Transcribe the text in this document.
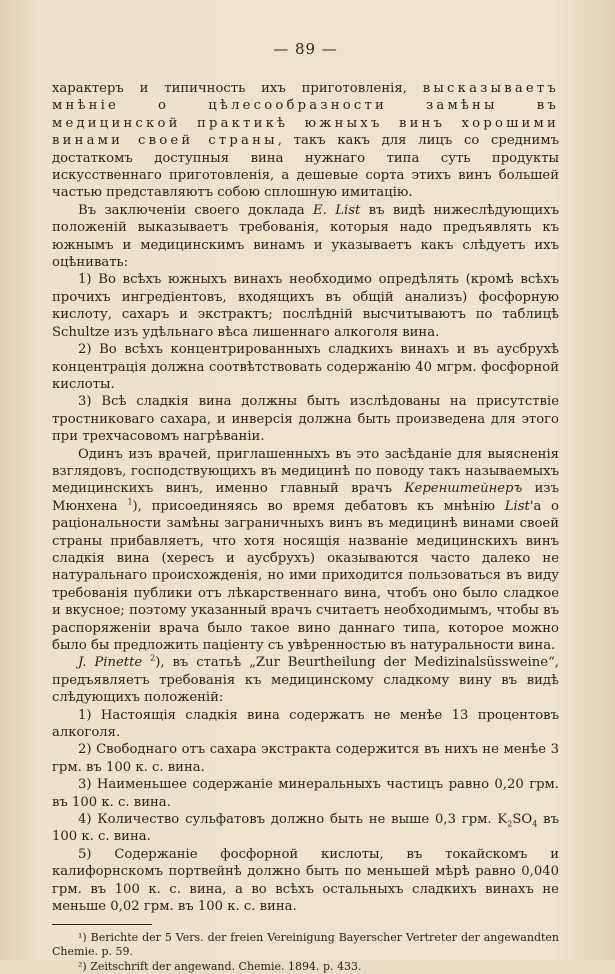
— 89 —

характеръ и типичность ихъ приготовленія, высказываетъ мнѣніе о цѣлесообразности замѣны въ медицинской практикѣ южныхъ винъ хорошими винами своей страны, такъ какъ для лицъ со среднимъ достаткомъ доступныя вина нужнаго типа суть продукты искусственнаго приготовленія, а дешевые сорта этихъ винъ большей частью представляютъ собою сплошную имитацію.

Въ заключеніи своего доклада E. List въ видѣ нижеслѣдующихъ положеній выказываетъ требованія, которыя надо предъявлять къ южнымъ и медицинскимъ винамъ и указываетъ какъ слѣдуетъ ихъ оцѣнивать:

1) Во всѣхъ южныхъ винахъ необходимо опредѣлять (кромѣ всѣхъ прочихъ ингредіентовъ, входящихъ въ общій анализъ) фосфорную кислоту, сахаръ и экстрактъ; послѣдній высчитываютъ по таблицѣ Schultze изъ удѣльнаго вѣса лишеннаго алкоголя вина.

2) Во всѣхъ концентрированныхъ сладкихъ винахъ и въ аусбрухѣ концентрація должна соотвѣтствовать содержанію 40 мгрм. фосфорной кислоты.

3) Всѣ сладкія вина должны быть изслѣдованы на присутствіе тростниковаго сахара, и инверсія должна быть произведена для этого при трехчасовомъ нагрѣваніи.

Одинъ изъ врачей, приглашенныхъ въ это засѣданіе для выясненія взглядовъ, господствующихъ въ медицинѣ по поводу такъ называемыхъ медицинскихъ винъ, именно главный врачъ Керенштейнеръ изъ Мюнхена $^1$), присоединяясь во время дебатовъ къ мнѣнію List'а о раціональности замѣны заграничныхъ винъ въ медицинѣ винами своей страны прибавляетъ, что хотя носящія названіе медицинскихъ винъ сладкія вина (хересъ и аусбрухъ) оказываются часто далеко не натуральнаго происхожденія, но ими приходится пользоваться въ виду требованія публики отъ лѣкарственнаго вина, чтобъ оно было сладкое и вкусное; поэтому указанный врачъ считаетъ необходимымъ, чтобы въ распоряженіи врача было такое вино даннаго типа, которое можно было бы предложить паціенту съ увѣренностью въ натуральности вина.

J. Pinette $^2$), въ статьѣ „Zur Beurtheilung der Medizinalsüssweine“, предъявляетъ требованія къ медицинскому сладкому вину въ видѣ слѣдующихъ положеній:

1) Настоящія сладкія вина содержатъ не менѣе 13 процентовъ алкоголя.

2) Свободнаго отъ сахара экстракта содержится въ нихъ не менѣе 3 грм. въ 100 к. с. вина.

3) Наименьшее содержаніе минеральныхъ частицъ равно 0,20 грм. въ 100 к. с. вина.

4) Количество сульфатовъ должно быть не выше 0,3 грм. $K_2SO_4$ въ 100 к. с. вина.

5) Содержаніе фосфорной кислоты, въ токайскомъ и калифорнскомъ портвейнѣ должно быть по меньшей мѣрѣ равно 0,040 грм. въ 100 к. с. вина, а во всѣхъ остальныхъ сладкихъ винахъ не меньше 0,02 грм. въ 100 к. с. вина.

¹) Berichte der 5 Vers. der freien Vereinigung Bayerscher Vertreter der angewandten Chemie. p. 59.

²) Zeitschrift der angewand. Chemie. 1894. p. 433.
